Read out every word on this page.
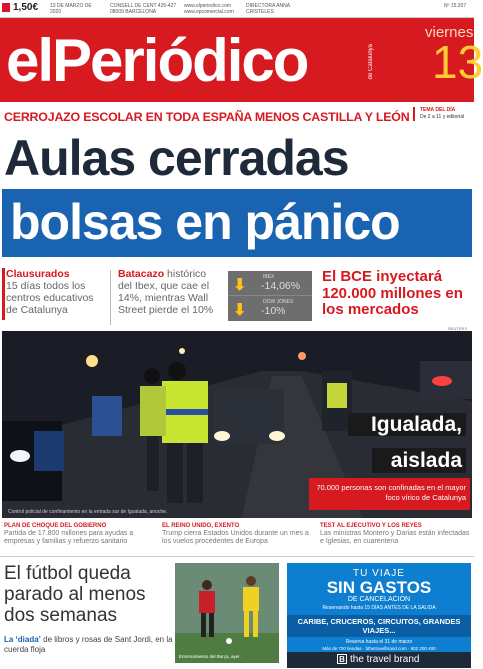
1,50€ 13 DE MARZO DE 2020
CONSELL DE CENT 425-427 08009 BARCELONA
www.elperiodico.com www.epcomercial.com
DIRECTORA ANNA CRISTELES
Nº 15.207
elPeriódico	de Catalunya
viernes
13
CERROJAZO ESCOLAR EN TODA ESPAÑA MENOS CASTILLA Y LEÓN	TEMA DEL DÍA
De 2 a 11 y editorial
Aulas cerradas
bolsas en pánico
Clausurados
15 días todos los centros educativos de Catalunya
Batacazo histórico del Ibex, que cae el 14%, mientras Wall Street pierde el 10%
⬇	IBEX
-14,06%
⬇	DOW JONES
-10%
El BCE inyectará 120.000 millones en los mercados
REUTERS
Control policial de confinamiento en la entrada sur de Igualada, anoche.
Igualada,
aislada
70.000 personas son confinadas en el mayor foco vírico de Catalunya
PLAN DE CHOQUE DEL GOBIERNO
Partida de 17.800 millones para ayudas a empresas y familias y refuerzo sanitario
EL REINO UNIDO, EXENTO
Trump cierra Estados Unidos durante un mes a los vuelos procedentes de Europa
TEST AL EJECUTIVO Y LOS REYES
Las ministras Montero y Darias están infectadas e Iglesias, en cuarentena
El fútbol queda parado al menos dos semanas
Entrenamiento del Barça, ayer.
La ‘diada’ de libros y rosas de Sant Jordi, en la cuerda floja
TU VIAJE
SIN GASTOS
DE CANCELACIÓN
Reservando hasta 15 DÍAS ANTES DE LA SALIDA
CARIBE, CRUCEROS, CIRCUITOS, GRANDES VIAJES...
Reserva hasta el 31 de marzo
Más de 700 tiendas · bthetravelbrand.com · 902 200 400
B the travel brand
